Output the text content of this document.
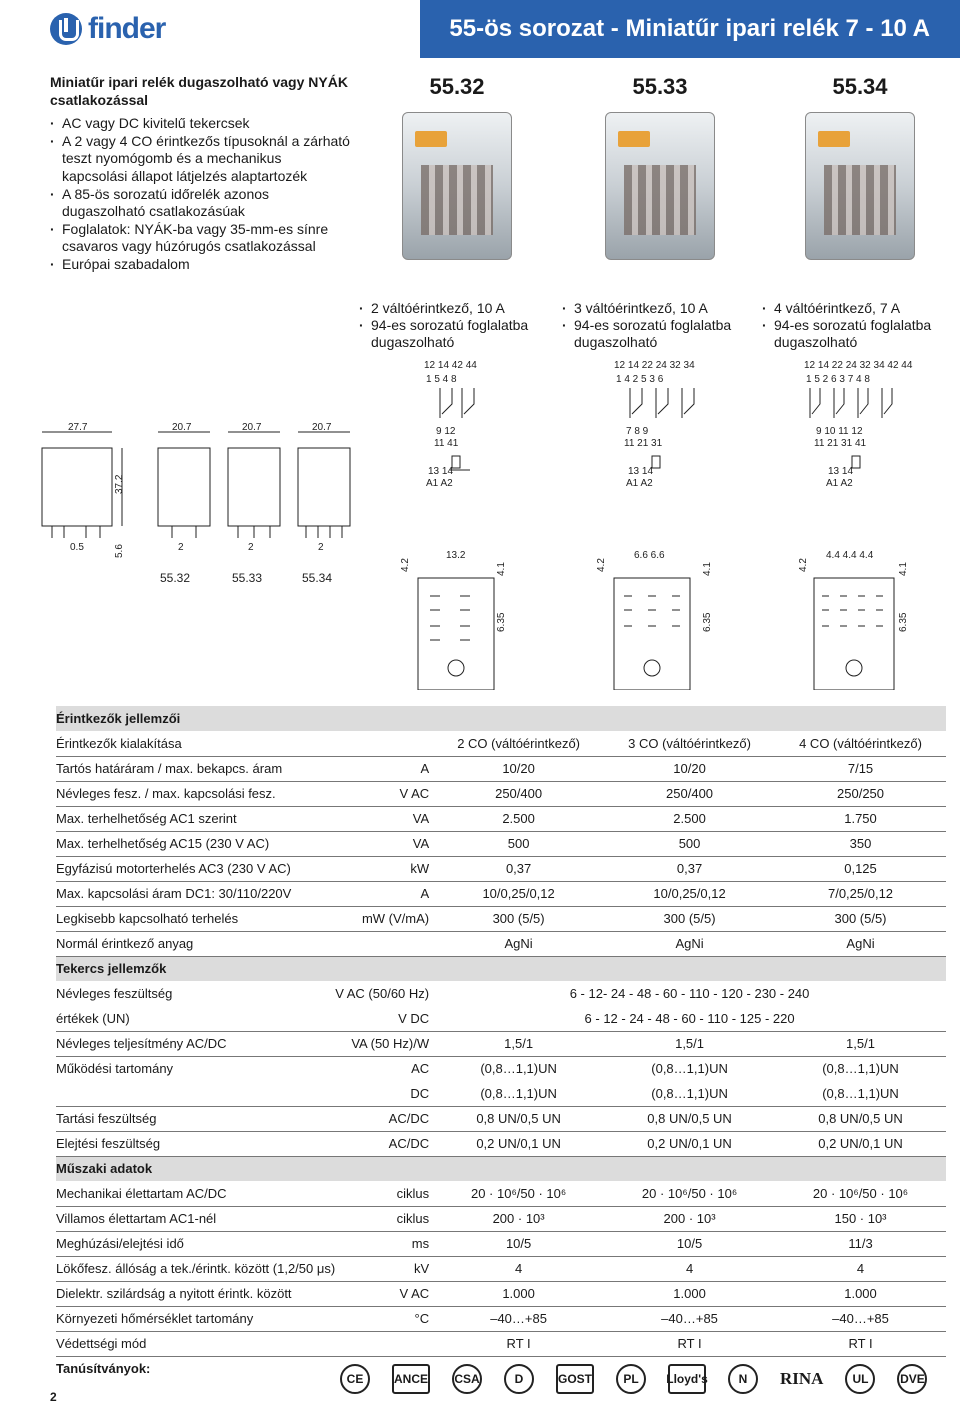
finder	55-ös sorozat - Miniatűr ipari relék 7 - 10 A
Miniatűr ipari relék dugaszolható vagy NYÁK csatlakozással
· AC vagy DC kivitelű tekercsek
· A 2 vagy 4 CO érintkezős típusoknál a zárható teszt nyomógomb és a mechanikus kapcsolási állapot látjelzés alaptartozék
· A 85-ös sorozatú időrelék azonos dugaszolható csatlakozásúak
· Foglalatok: NYÁK-ba vagy 35-mm-es sínre csavaros vagy húzórugós csatlakozással
· Európai szabadalom
55.32
· 2 váltóérintkező, 10 A
· 94-es sorozatú foglalatba dugaszolható
55.33
· 3 váltóérintkező, 10 A
· 94-es sorozatú foglalatba dugaszolható
55.34
· 4 váltóérintkező, 7 A
· 94-es sorozatú foglalatba dugaszolható
27.7	20.7	20.7	20.7
37.2
0.5	5.6	2	2	2
55.32	55.33	55.34
12 14 42 44
1 5 4 8
9 12
11 41
13 14
A1 A2
12 14 22 24 32 34
1 4 2 5 3 6
7 8 9
11 21 31
13 14
A1 A2
12 14 22 24 32 34 42 44
1 5 2 6 3 7 4 8
9 10 11 12
11 21 31 41
13 14
A1 A2
4.2
13.2
4.1
6.35
4.2
6.6 6.6
4.1
6.35
4.2
4.4 4.4 4.4
4.1
6.35
Érintkezők jellemzői				
Érintkezők kialakítása		2 CO (váltóérintkező)	3 CO (váltóérintkező)	4 CO (váltóérintkező)
Tartós határáram / max. bekapcs. áram	A	10/20	10/20	7/15
Névleges fesz. / max. kapcsolási fesz.	V AC	250/400	250/400	250/250
Max. terhelhetőség AC1 szerint	VA	2.500	2.500	1.750
Max. terhelhetőség AC15 (230 V AC)	VA	500	500	350
Egyfázisú motorterhelés AC3 (230 V AC)	kW	0,37	0,37	0,125
Max. kapcsolási áram DC1: 30/110/220V	A	10/0,25/0,12	10/0,25/0,12	7/0,25/0,12
Legkisebb kapcsolható terhelés	mW (V/mA)	300 (5/5)	300 (5/5)	300 (5/5)
Normál érintkező anyag		AgNi	AgNi	AgNi
Tekercs jellemzők				
Névleges feszültség	V AC (50/60 Hz)	6 - 12- 24 - 48 - 60 - 110 - 120 - 230 - 240		
értékek (UN)	V DC	6 - 12 - 24 - 48 - 60 - 110 - 125 - 220		
Névleges teljesítmény AC/DC	VA (50 Hz)/W	1,5/1	1,5/1	1,5/1
Működési tartomány	AC	(0,8…1,1)UN	(0,8…1,1)UN	(0,8…1,1)UN
	DC	(0,8…1,1)UN	(0,8…1,1)UN	(0,8…1,1)UN
Tartási feszültség	AC/DC	0,8 UN/0,5 UN	0,8 UN/0,5 UN	0,8 UN/0,5 UN
Elejtési feszültség	AC/DC	0,2 UN/0,1 UN	0,2 UN/0,1 UN	0,2 UN/0,1 UN
Műszaki adatok				
Mechanikai élettartam AC/DC	ciklus	20 · 10⁶/50 · 10⁶	20 · 10⁶/50 · 10⁶	20 · 10⁶/50 · 10⁶
Villamos élettartam AC1-nél	ciklus	200 · 10³	200 · 10³	150 · 10³
Meghúzási/elejtési idő	ms	10/5	10/5	11/3
Lökőfesz. állóság a tek./érintk. között (1,2/50 μs)	kV	4	4	4
Dielektr. szilárdság a nyitott érintk. között	V AC	1.000	1.000	1.000
Környezeti hőmérséklet tartomány	°C	–40…+85	–40…+85	–40…+85
Védettségi mód		RT I	RT I	RT I
Tanúsítványok:				
CE	ANCE CSA	D	GOST	PL	Lloyd's	N	RINA	UL	DVE
2
